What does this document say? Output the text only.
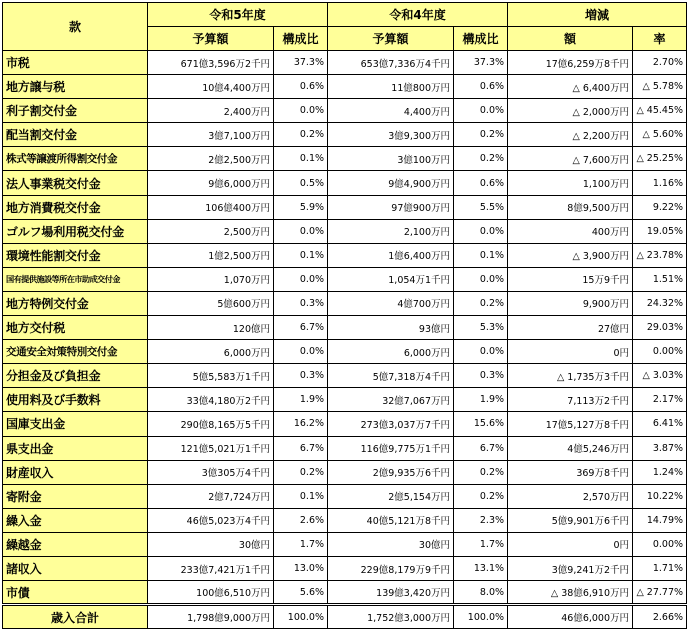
款	令和5年度		令和4年度		増減	
	予算額	構成比	予算額	構成比	額	率
市税	671億3,596万2千円	37.3%	653億7,336万4千円	37.3%	17億6,259万8千円	2.70%
地方譲与税	10億4,400万円	0.6%	11億800万円	0.6%	△ 6,400万円	△ 5.78%
利子割交付金	2,400万円	0.0%	4,400万円	0.0%	△ 2,000万円	△ 45.45%
配当割交付金	3億7,100万円	0.2%	3億9,300万円	0.2%	△ 2,200万円	△ 5.60%
株式等譲渡所得割交付金	2億2,500万円	0.1%	3億100万円	0.2%	△ 7,600万円	△ 25.25%
法人事業税交付金	9億6,000万円	0.5%	9億4,900万円	0.6%	1,100万円	1.16%
地方消費税交付金	106億400万円	5.9%	97億900万円	5.5%	8億9,500万円	9.22%
ゴルフ場利用税交付金	2,500万円	0.0%	2,100万円	0.0%	400万円	19.05%
環境性能割交付金	1億2,500万円	0.1%	1億6,400万円	0.1%	△ 3,900万円	△ 23.78%
国有提供施設等所在市助成交付金	1,070万円	0.0%	1,054万1千円	0.0%	15万9千円	1.51%
地方特例交付金	5億600万円	0.3%	4億700万円	0.2%	9,900万円	24.32%
地方交付税	120億円	6.7%	93億円	5.3%	27億円	29.03%
交通安全対策特別交付金	6,000万円	0.0%	6,000万円	0.0%	0円	0.00%
分担金及び負担金	5億5,583万1千円	0.3%	5億7,318万4千円	0.3%	△ 1,735万3千円	△ 3.03%
使用料及び手数料	33億4,180万2千円	1.9%	32億7,067万円	1.9%	7,113万2千円	2.17%
国庫支出金	290億8,165万5千円	16.2%	273億3,037万7千円	15.6%	17億5,127万8千円	6.41%
県支出金	121億5,021万1千円	6.7%	116億9,775万1千円	6.7%	4億5,246万円	3.87%
財産収入	3億305万4千円	0.2%	2億9,935万6千円	0.2%	369万8千円	1.24%
寄附金	2億7,724万円	0.1%	2億5,154万円	0.2%	2,570万円	10.22%
繰入金	46億5,023万4千円	2.6%	40億5,121万8千円	2.3%	5億9,901万6千円	14.79%
繰越金	30億円	1.7%	30億円	1.7%	0円	0.00%
諸収入	233億7,421万1千円	13.0%	229億8,179万9千円	13.1%	3億9,241万2千円	1.71%
市債	100億6,510万円	5.6%	139億3,420万円	8.0%	△ 38億6,910万円	△ 27.77%
歳入合計	1,798億9,000万円	100.0%	1,752億3,000万円	100.0%	46億6,000万円	2.66%
